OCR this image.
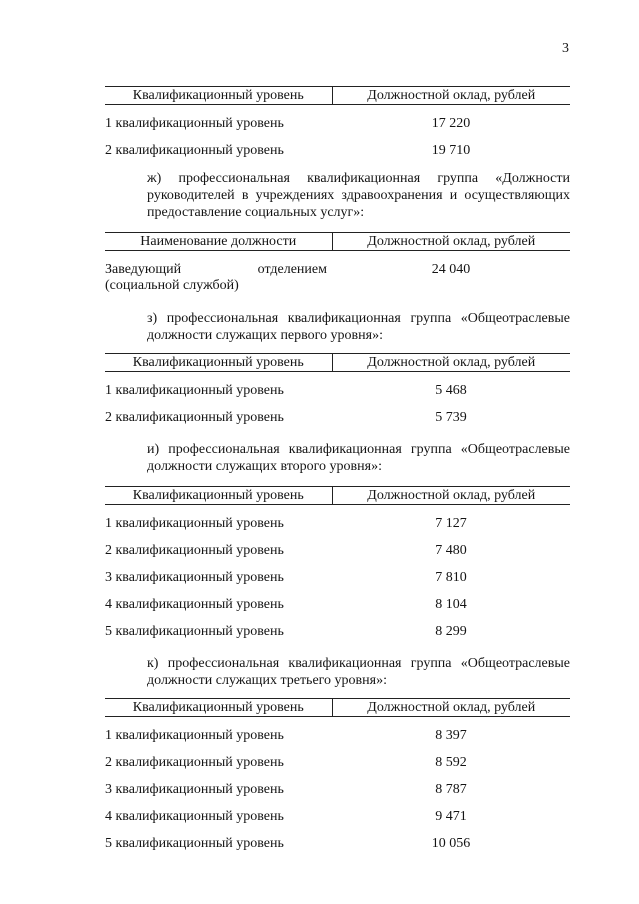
3
Квалификационный уровень	Должностной оклад, рублей
1 квалификационный уровень	17 220
2 квалификационный уровень	19 710

ж) профессиональная квалификационная группа «Должности руководителей в учреждениях здравоохранения и осуществляющих предоставление социальных услуг»:

Наименование должности	Должностной оклад, рублей

Заведующий отделением
(социальной службой)	24 040

з) профессиональная квалификационная группа «Общеотраслевые должности служащих первого уровня»:

Квалификационный уровень	Должностной оклад, рублей
1 квалификационный уровень	5 468
2 квалификационный уровень	5 739

и) профессиональная квалификационная группа «Общеотраслевые должности служащих второго уровня»:

Квалификационный уровень	Должностной оклад, рублей
1 квалификационный уровень	7 127
2 квалификационный уровень	7 480
3 квалификационный уровень	7 810
4 квалификационный уровень	8 104
5 квалификационный уровень	8 299

к) профессиональная квалификационная группа «Общеотраслевые должности служащих третьего уровня»:

Квалификационный уровень	Должностной оклад, рублей
1 квалификационный уровень	8 397
2 квалификационный уровень	8 592
3 квалификационный уровень	8 787
4 квалификационный уровень	9 471
5 квалификационный уровень	10 056
